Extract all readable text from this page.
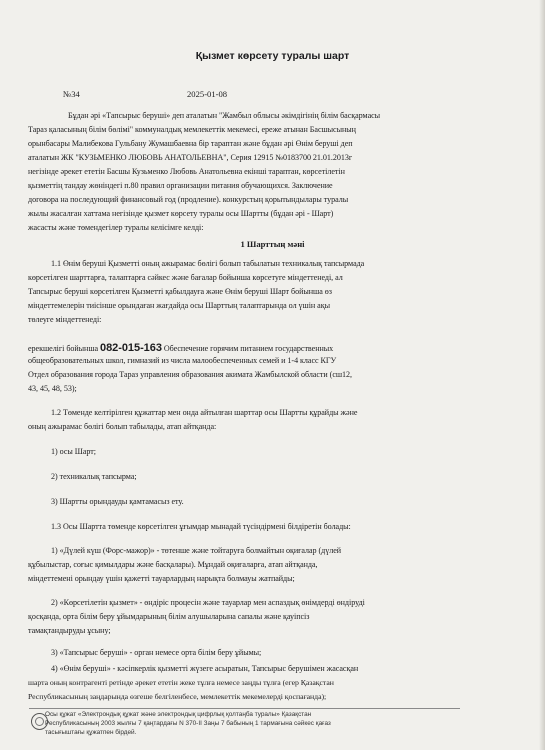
Қызмет көрсету туралы шарт
№34	2025-01-08
Бұдан әрі «Тапсырыс беруші» деп аталатын "Жамбыл облысы әкімдігінің білім басқармасы
Тараз қаласының білім бөлімі" коммуналдық мемлекеттік мекемесі, ереже атынан Басшысының
орынбасары Малибекова Гульбану Жумашбаевна бір тараптан және бұдан әрі Өнім беруші деп
аталатын ЖК "КУЗЬМЕНКО ЛЮБОВЬ АНАТОЛЬЕВНА", Серия 12915 №0183700 21.01.2013г
негізінде әрекет ететін Басшы Кузьменко Любовь Анатольевна екінші тараптан, көрсетілетін
қызметтің тандау жөніндегі п.80 правил организации питания обучающихся. Заключение
договора на последующий финансовый год (продление). конкурстың қорытындылары туралы
жылы жасалған хаттама негізінде қызмет көрсету туралы осы Шартты (бұдан әрі - Шарт)
жасасты және төмендегілер туралы келісімге келді:
1 Шарттың мәні
1.1 Өнім беруші Қызметті оның ажырамас бөлігі болып табылатын техникалық тапсырмада
көрсетілген шарттарға, талаптарға сәйкес және бағалар бойынша көрсетуге міндеттенеді, ал
Тапсырыс беруші көрсетілген Қызметті қабылдауға және Өнім беруші Шарт бойынша өз
міндеттемелерін тиісінше орындаған жағдайда осы Шарттың талаптарында ол үшін ақы
төлеуге міндеттенеді:
ерекшелігі бойынша 082-015-163 Обеспечение горячим питанием государственных
общеобразовательных школ, гимназий из числа малообеспеченных семей и 1-4 класс КГУ
Отдел образования города Тараз управления образования акимата Жамбылской области (сш12,
43, 45, 48, 53);
1.2 Төменде келтірілген құжаттар мен онда айтылған шарттар осы Шартты құрайды және
оның ажырамас бөлігі болып табылады, атап айтқанда:
1) осы Шарт;
2) техникалық тапсырма;
3) Шартты орындауды қамтамасыз ету.
1.3 Осы Шартта төменде көрсетілген ұғымдар мынадай түсіндірмені білдіретін болады:
1) «Дүлей күш (Форс-мажор)» - төтенше және тойтаруға болмайтын оқиғалар (дүлей
құбылыстар, соғыс қимылдары және басқалары). Мұндай оқиғаларға, атап айтқанда,
міндеттемені орындау үшін қажетті тауарлардың нарықта болмауы жатпайды;
2) «Көрсетілетін қызмет» - өндіріс процесін және тауарлар мен аспаздық өнімдерді өндіруді
қосқанда, орта білім беру ұйымдарының білім алушыларына сапалы және қауіпсіз
тамақтандыруды ұсыну;
3) «Тапсырыс беруші» - орган немесе орта білім беру ұйымы;
4) «Өнім беруші» - кәсіпкерлік қызметті жүзеге асыратын, Тапсырыс берушімен жасасқан
шарта оның контрагенті ретінде әрекет ететін жеке тұлға немесе заңды тұлға (егер Қазақстан
Республикасының заңдарында өзгеше белгіленбесе, мемлекеттік мекемелерді қоспағанда);
Осы құжат «Электрондық құжат және электрондық цифрлық қолтаңба туралы» Қазақстан
Республикасының 2003 жылғы 7 қаңтардағы N 370-II Заңы 7 бабының 1 тармағына сәйкес қағаз
тасығыштағы құжатпен бірдей.
